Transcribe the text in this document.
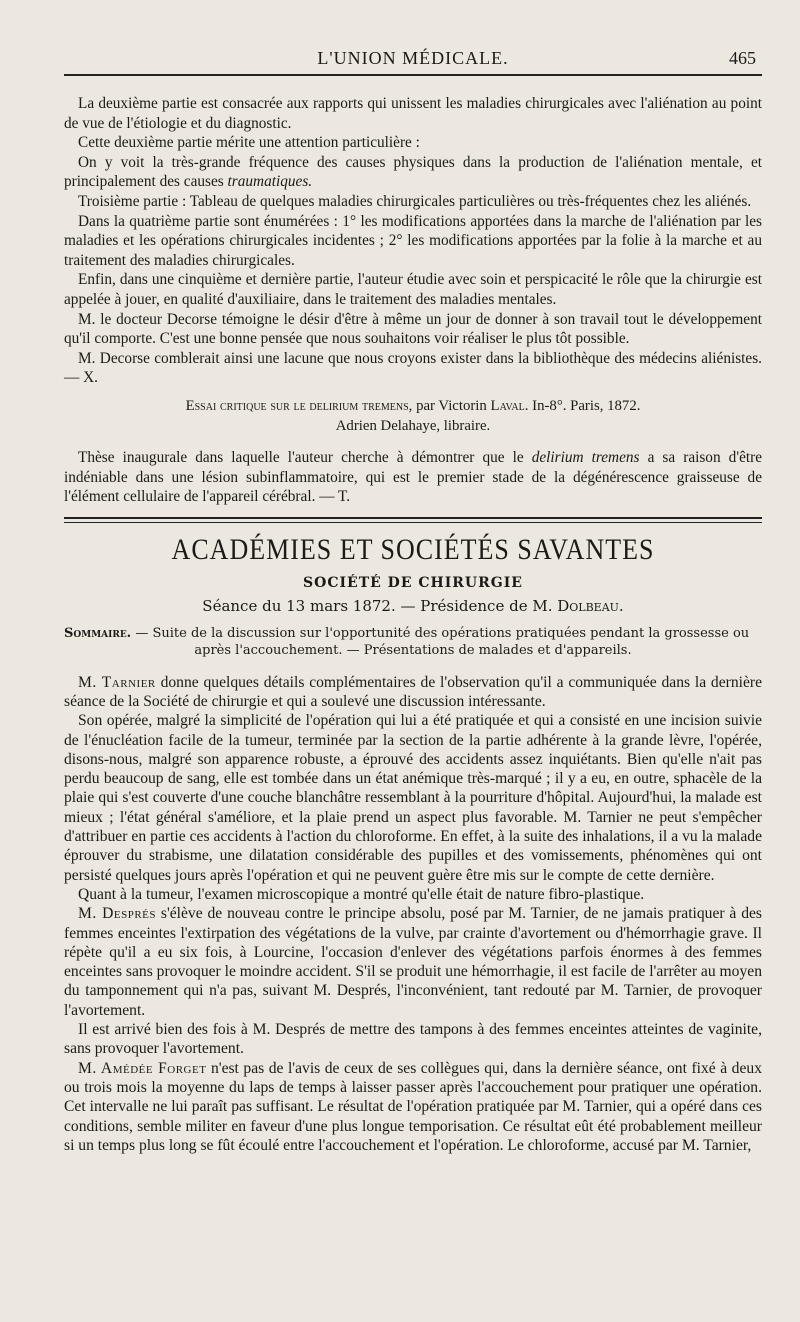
L'UNION MÉDICALE.	465

La deuxième partie est consacrée aux rapports qui unissent les maladies chirurgicales avec l'aliénation au point de vue de l'étiologie et du diagnostic.

Cette deuxième partie mérite une attention particulière :

On y voit la très-grande fréquence des causes physiques dans la production de l'aliénation mentale, et principalement des causes traumatiques.

Troisième partie : Tableau de quelques maladies chirurgicales particulières ou très-fréquentes chez les aliénés.

Dans la quatrième partie sont énumérées : 1° les modifications apportées dans la marche de l'aliénation par les maladies et les opérations chirurgicales incidentes ; 2° les modifications apportées par la folie à la marche et au traitement des maladies chirurgicales.

Enfin, dans une cinquième et dernière partie, l'auteur étudie avec soin et perspicacité le rôle que la chirurgie est appelée à jouer, en qualité d'auxiliaire, dans le traitement des maladies mentales.

M. le docteur Decorse témoigne le désir d'être à même un jour de donner à son travail tout le développement qu'il comporte. C'est une bonne pensée que nous souhaitons voir réaliser le plus tôt possible.

M. Decorse comblerait ainsi une lacune que nous croyons exister dans la bibliothèque des médecins aliénistes. — X.

Essai critique sur le delirium tremens, par Victorin Laval. In-8°. Paris, 1872.
Adrien Delahaye, libraire.

Thèse inaugurale dans laquelle l'auteur cherche à démontrer que le delirium tremens a sa raison d'être indéniable dans une lésion subinflammatoire, qui est le premier stade de la dégénérescence graisseuse de l'élément cellulaire de l'appareil cérébral. — T.

ACADÉMIES ET SOCIÉTÉS SAVANTES
SOCIÉTÉ DE CHIRURGIE
Séance du 13 mars 1872. — Présidence de M. Dolbeau.
Sommaire. — Suite de la discussion sur l'opportunité des opérations pratiquées pendant la grossesse ou
après l'accouchement. — Présentations de malades et d'appareils.

M. Tarnier donne quelques détails complémentaires de l'observation qu'il a communiquée dans la dernière séance de la Société de chirurgie et qui a soulevé une discussion intéressante.

Son opérée, malgré la simplicité de l'opération qui lui a été pratiquée et qui a consisté en une incision suivie de l'énucléation facile de la tumeur, terminée par la section de la partie adhérente à la grande lèvre, l'opérée, disons-nous, malgré son apparence robuste, a éprouvé des accidents assez inquiétants. Bien qu'elle n'ait pas perdu beaucoup de sang, elle est tombée dans un état anémique très-marqué ; il y a eu, en outre, sphacèle de la plaie qui s'est couverte d'une couche blanchâtre ressemblant à la pourriture d'hôpital. Aujourd'hui, la malade est mieux ; l'état général s'améliore, et la plaie prend un aspect plus favorable. M. Tarnier ne peut s'empêcher d'attribuer en partie ces accidents à l'action du chloroforme. En effet, à la suite des inhalations, il a vu la malade éprouver du strabisme, une dilatation considérable des pupilles et des vomissements, phénomènes qui ont persisté quelques jours après l'opération et qui ne peuvent guère être mis sur le compte de cette dernière.

Quant à la tumeur, l'examen microscopique a montré qu'elle était de nature fibro-plastique.

M. Després s'élève de nouveau contre le principe absolu, posé par M. Tarnier, de ne jamais pratiquer à des femmes enceintes l'extirpation des végétations de la vulve, par crainte d'avortement ou d'hémorrhagie grave. Il répète qu'il a eu six fois, à Lourcine, l'occasion d'enlever des végétations parfois énormes à des femmes enceintes sans provoquer le moindre accident. S'il se produit une hémorrhagie, il est facile de l'arrêter au moyen du tamponnement qui n'a pas, suivant M. Després, l'inconvénient, tant redouté par M. Tarnier, de provoquer l'avortement.

Il est arrivé bien des fois à M. Després de mettre des tampons à des femmes enceintes atteintes de vaginite, sans provoquer l'avortement.

M. Amédée Forget n'est pas de l'avis de ceux de ses collègues qui, dans la dernière séance, ont fixé à deux ou trois mois la moyenne du laps de temps à laisser passer après l'accouchement pour pratiquer une opération. Cet intervalle ne lui paraît pas suffisant. Le résultat de l'opération pratiquée par M. Tarnier, qui a opéré dans ces conditions, semble militer en faveur d'une plus longue temporisation. Ce résultat eût été probablement meilleur si un temps plus long se fût écoulé entre l'accouchement et l'opération. Le chloroforme, accusé par M. Tarnier,
